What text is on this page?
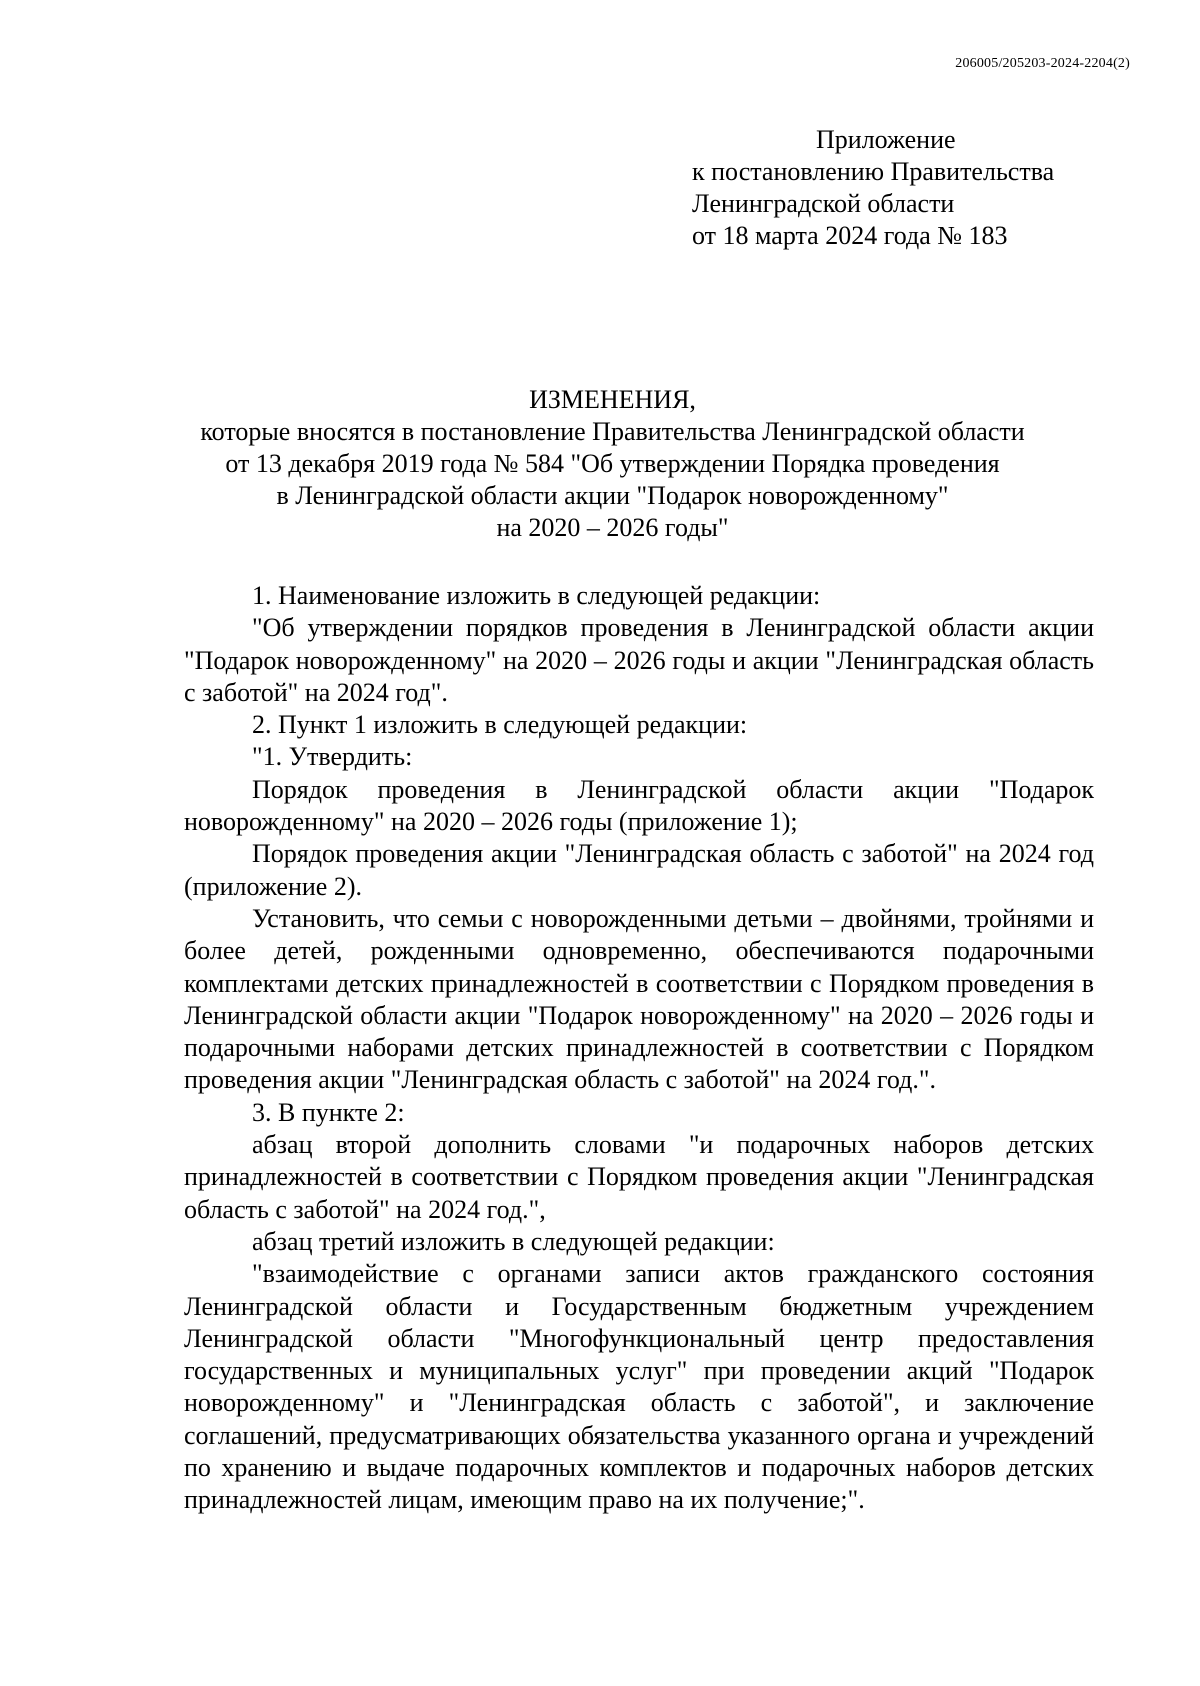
206005/205203-2024-2204(2)
Приложение
к постановлению Правительства
Ленинградской области
от 18 марта 2024 года № 183
ИЗМЕНЕНИЯ,
которые вносятся в постановление Правительства Ленинградской области
от 13 декабря 2019 года № 584 "Об утверждении Порядка проведения
в Ленинградской области акции "Подарок новорожденному"
на 2020 – 2026 годы"

1. Наименование изложить в следующей редакции:

"Об утверждении порядков проведения в Ленинградской области акции "Подарок новорожденному" на 2020 – 2026 годы и акции "Ленинградская область с заботой" на 2024 год".

2. Пункт 1 изложить в следующей редакции:

"1. Утвердить:

Порядок проведения в Ленинградской области акции "Подарок новорожденному" на 2020 – 2026 годы (приложение 1);

Порядок проведения акции "Ленинградская область с заботой" на 2024 год (приложение 2).

Установить, что семьи с новорожденными детьми – двойнями, тройнями и более детей, рожденными одновременно, обеспечиваются подарочными комплектами детских принадлежностей в соответствии с Порядком проведения в Ленинградской области акции "Подарок новорожденному" на 2020 – 2026 годы и подарочными наборами детских принадлежностей в соответствии с Порядком проведения акции "Ленинградская область с заботой" на 2024 год.".

3. В пункте 2:

абзац второй дополнить словами "и подарочных наборов детских принадлежностей в соответствии с Порядком проведения акции "Ленинградская область с заботой" на 2024 год.",

абзац третий изложить в следующей редакции:

"взаимодействие с органами записи актов гражданского состояния Ленинградской области и Государственным бюджетным учреждением Ленинградской области "Многофункциональный центр предоставления государственных и муниципальных услуг" при проведении акций "Подарок новорожденному" и "Ленинградская область с заботой", и заключение соглашений, предусматривающих обязательства указанного органа и учреждений по хранению и выдаче подарочных комплектов и подарочных наборов детских принадлежностей лицам, имеющим право на их получение;".
